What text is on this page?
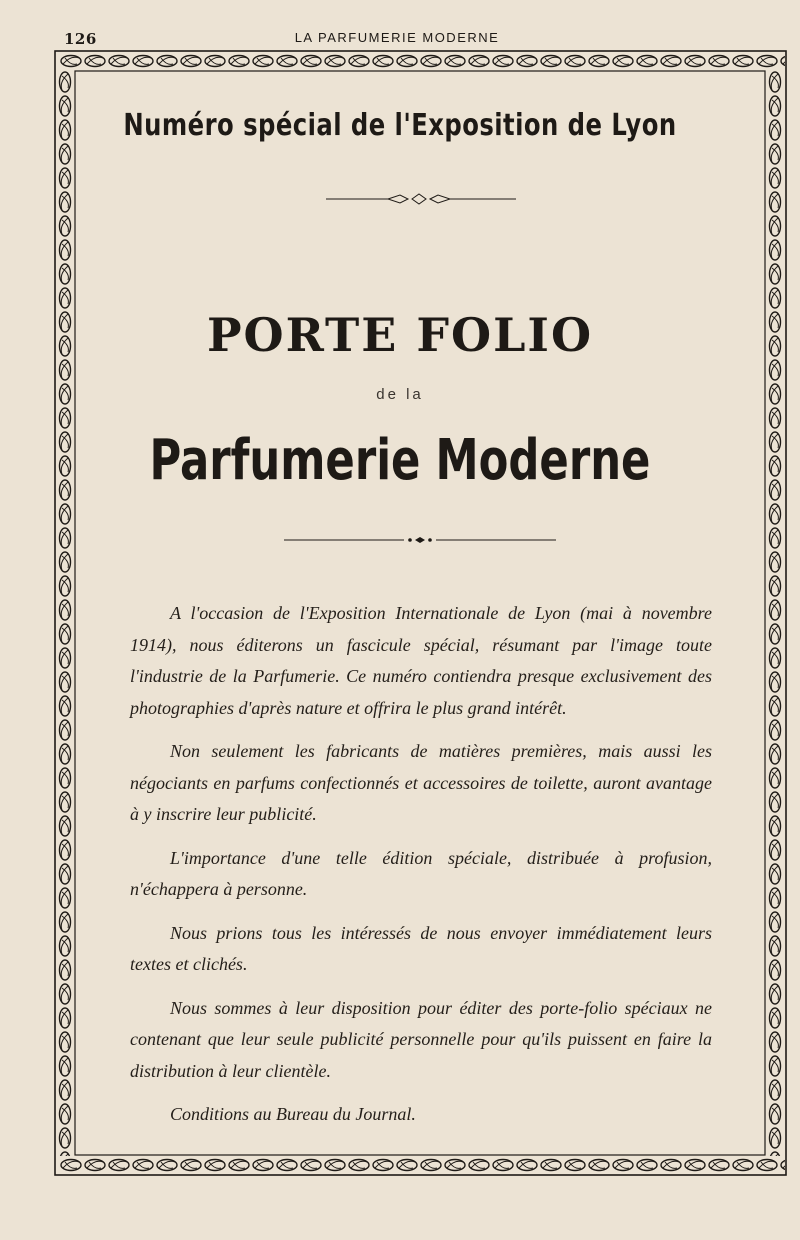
126	LA PARFUMERIE MODERNE
Numéro spécial de l'Exposition de Lyon
PORTE FOLIO
de la
Parfumerie Moderne

A l'occasion de l'Exposition Internationale de Lyon (mai à novembre 1914), nous éditerons un fascicule spécial, résumant par l'image toute l'industrie de la Parfumerie. Ce numéro contiendra presque exclusivement des photographies d'après nature et offrira le plus grand intérêt.

Non seulement les fabricants de matières premières, mais aussi les négociants en parfums confectionnés et accessoires de toilette, auront avantage à y inscrire leur publicité.

L'importance d'une telle édition spéciale, distribuée à profusion, n'échappera à personne.

Nous prions tous les intéressés de nous envoyer immédiatement leurs textes et clichés.

Nous sommes à leur disposition pour éditer des porte-folio spéciaux ne contenant que leur seule publicité personnelle pour qu'ils puissent en faire la distribution à leur clientèle.

Conditions au Bureau du Journal.
